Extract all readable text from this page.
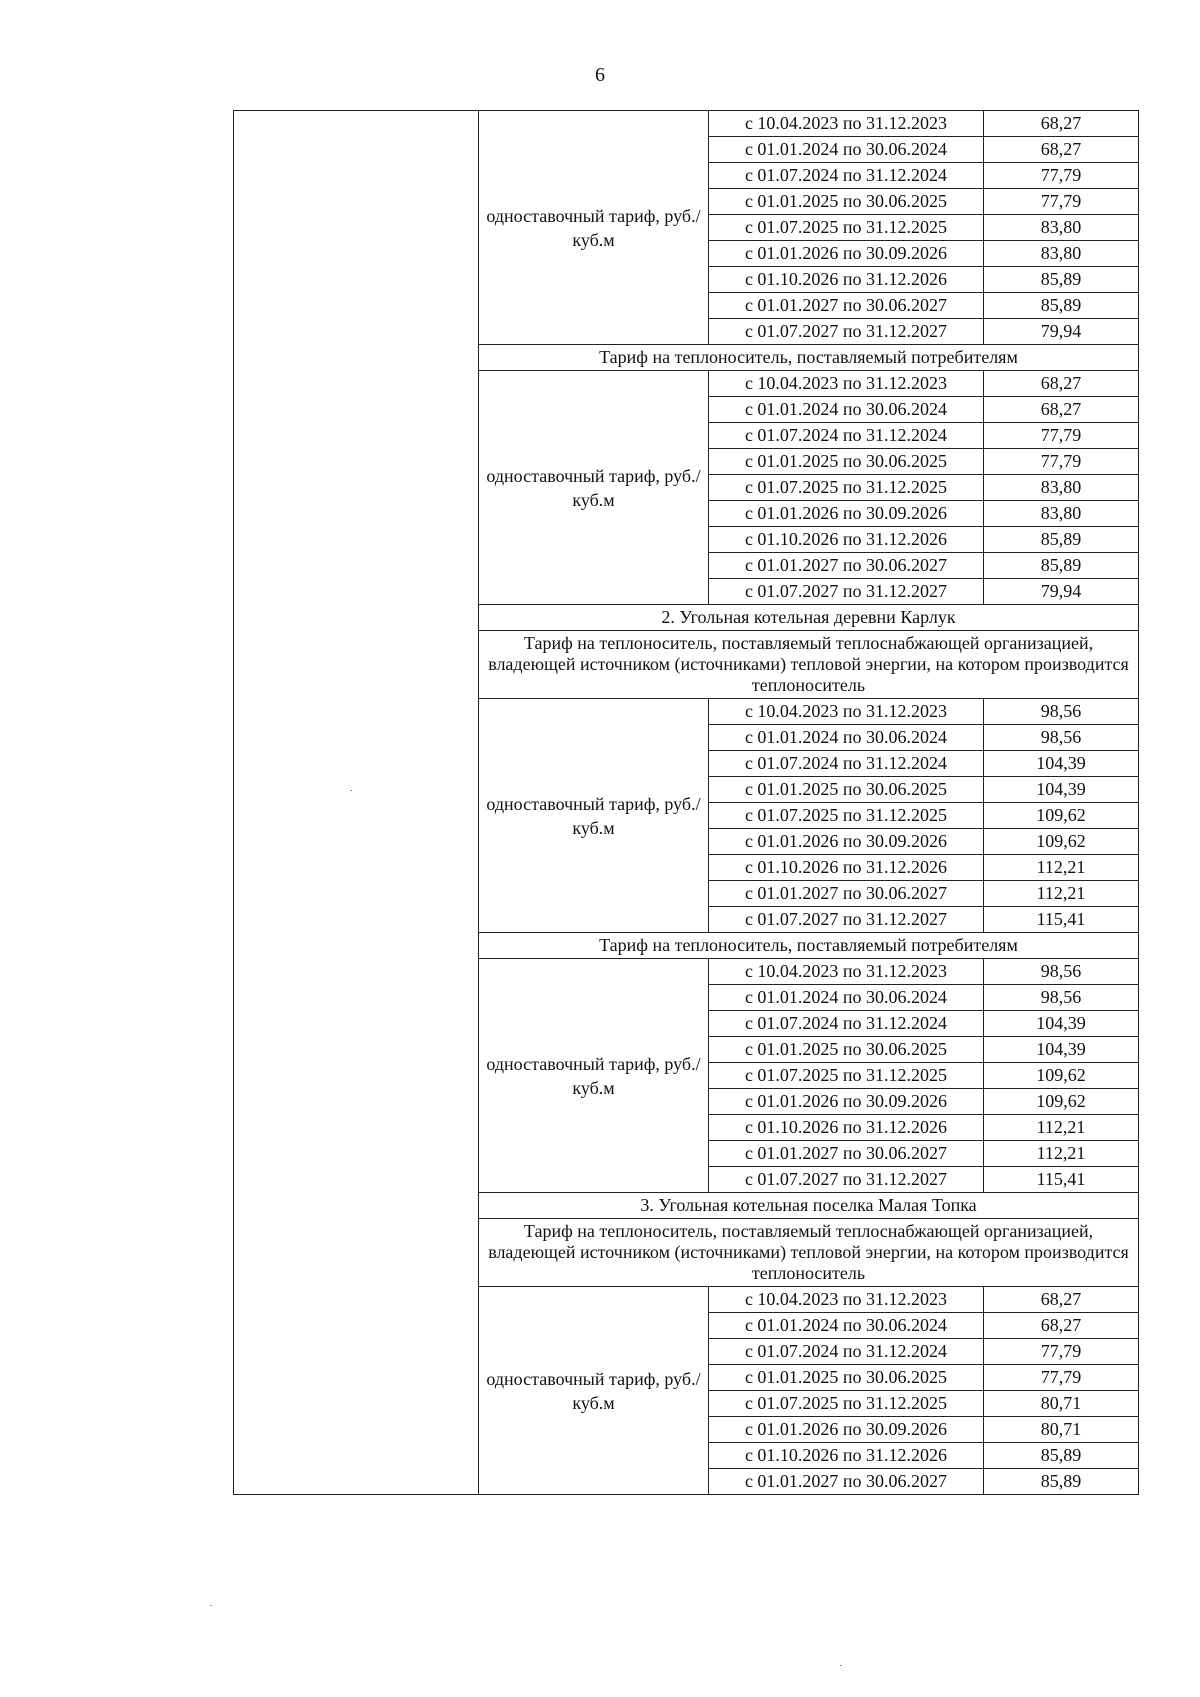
6
	одноставочный тариф, руб./куб.м	с 10.04.2023 по 31.12.2023	68,27
		с 01.01.2024 по 30.06.2024	68,27
		с 01.07.2024 по 31.12.2024	77,79
		с 01.01.2025 по 30.06.2025	77,79
		с 01.07.2025 по 31.12.2025	83,80
		с 01.01.2026 по 30.09.2026	83,80
		с 01.10.2026 по 31.12.2026	85,89
		с 01.01.2027 по 30.06.2027	85,89
		с 01.07.2027 по 31.12.2027	79,94
	Тариф на теплоноситель, поставляемый потребителям		
	одноставочный тариф, руб./куб.м	с 10.04.2023 по 31.12.2023	68,27
		с 01.01.2024 по 30.06.2024	68,27
		с 01.07.2024 по 31.12.2024	77,79
		с 01.01.2025 по 30.06.2025	77,79
		с 01.07.2025 по 31.12.2025	83,80
		с 01.01.2026 по 30.09.2026	83,80
		с 01.10.2026 по 31.12.2026	85,89
		с 01.01.2027 по 30.06.2027	85,89
		с 01.07.2027 по 31.12.2027	79,94
	2. Угольная котельная деревни Карлук		
	Тариф на теплоноситель, поставляемый теплоснабжающей организацией, владеющей источником (источниками) тепловой энергии, на котором производится теплоноситель		
	одноставочный тариф, руб./куб.м	с 10.04.2023 по 31.12.2023	98,56
		с 01.01.2024 по 30.06.2024	98,56
		с 01.07.2024 по 31.12.2024	104,39
		с 01.01.2025 по 30.06.2025	104,39
		с 01.07.2025 по 31.12.2025	109,62
		с 01.01.2026 по 30.09.2026	109,62
		с 01.10.2026 по 31.12.2026	112,21
		с 01.01.2027 по 30.06.2027	112,21
		с 01.07.2027 по 31.12.2027	115,41
	Тариф на теплоноситель, поставляемый потребителям		
	одноставочный тариф, руб./куб.м	с 10.04.2023 по 31.12.2023	98,56
		с 01.01.2024 по 30.06.2024	98,56
		с 01.07.2024 по 31.12.2024	104,39
		с 01.01.2025 по 30.06.2025	104,39
		с 01.07.2025 по 31.12.2025	109,62
		с 01.01.2026 по 30.09.2026	109,62
		с 01.10.2026 по 31.12.2026	112,21
		с 01.01.2027 по 30.06.2027	112,21
		с 01.07.2027 по 31.12.2027	115,41
	3. Угольная котельная поселка Малая Топка		
	Тариф на теплоноситель, поставляемый теплоснабжающей организацией, владеющей источником (источниками) тепловой энергии, на котором производится теплоноситель		
	одноставочный тариф, руб./куб.м	с 10.04.2023 по 31.12.2023	68,27
		с 01.01.2024 по 30.06.2024	68,27
		с 01.07.2024 по 31.12.2024	77,79
		с 01.01.2025 по 30.06.2025	77,79
		с 01.07.2025 по 31.12.2025	80,71
		с 01.01.2026 по 30.09.2026	80,71
		с 01.10.2026 по 31.12.2026	85,89
		с 01.01.2027 по 30.06.2027	85,89
